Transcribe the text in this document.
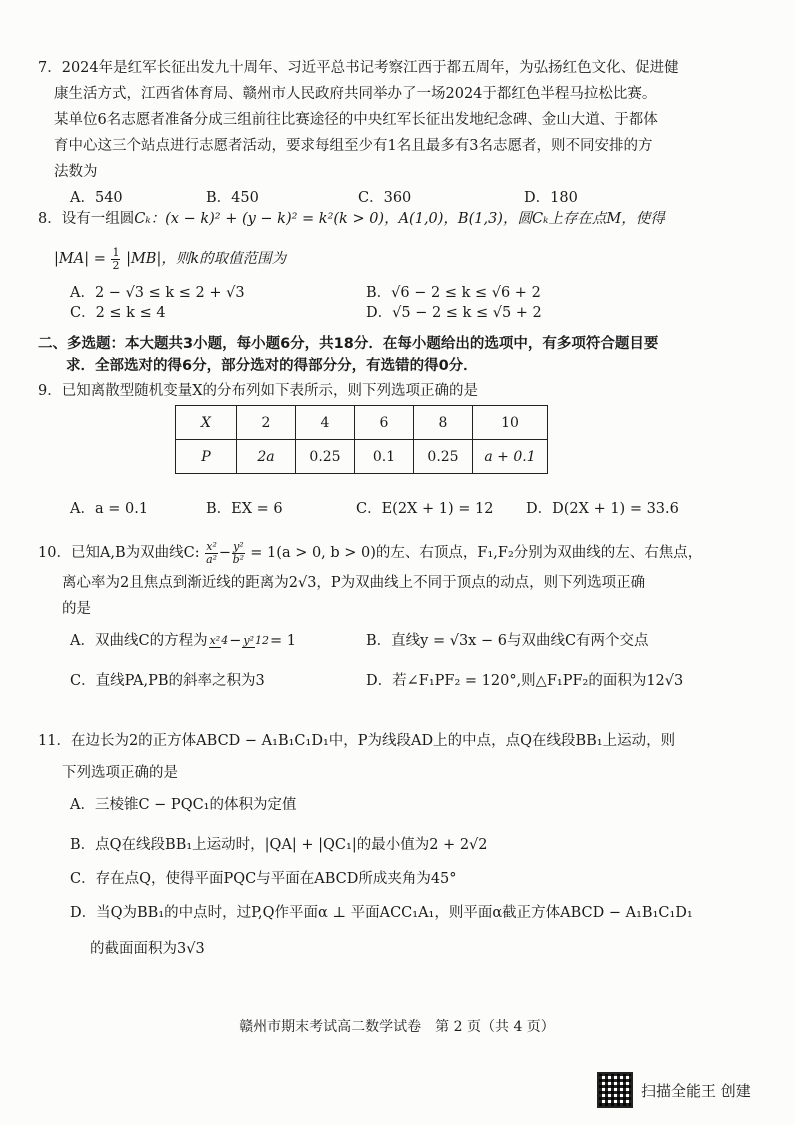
7．2024年是红军长征出发九十周年、习近平总书记考察江西于都五周年，为弘扬红色文化、促进健

康生活方式，江西省体育局、赣州市人民政府共同举办了一场2024于都红色半程马拉松比赛。

某单位6名志愿者准备分成三组前往比赛途径的中央红军长征出发地纪念碑、金山大道、于都体

育中心这三个站点进行志愿者活动，要求每组至少有1名且最多有3名志愿者，则不同安排的方

法数为

A．540	B．450	C．360	D．180

8．设有一组圆Cₖ：(x − k)² + (y − k)² = k²(k > 0)，A(1,0)，B(1,3)，圆Cₖ上存在点M，使得

$|MA| = \frac{1}{2} |MB|$，则k的取值范围为

A．2 − √3 ≤ k ≤ 2 + √3	B．√6 − 2 ≤ k ≤ √6 + 2
C．2 ≤ k ≤ 4	D．√5 − 2 ≤ k ≤ √5 + 2
二、多选题：本大题共3小题，每小题6分，共18分．在每小题给出的选项中，有多项符合题目要
求．全部选对的得6分，部分选对的得部分分，有选错的得0分．

9．已知离散型随机变量X的分布列如下表所示，则下列选项正确的是

X	2	4	6	8	10
P	2a	0.25	0.1	0.25	a + 0.1
A．a = 0.1	B．EX = 6	C．E(2X + 1) = 12	D．D(2X + 1) = 33.6

10．已知A,B为双曲线C: $\frac{\text{x²}}{\text{a²}} - \frac{\text{y²}}{\text{b²}} = 1(a > 0$, b > 0)的左、右顶点，F₁,F₂分别为双曲线的左、右焦点，

离心率为2且焦点到渐近线的距离为2√3，P为双曲线上不同于顶点的动点，则下列选项正确

的是

A．双曲线C的方程为 x²4− y²12= 1	B．直线y = √3x − 6与双曲线C有两个交点
C．直线PA,PB的斜率之积为3	D．若∠F₁PF₂ = 120°,则△F₁PF₂的面积为12√3

11．在边长为2的正方体ABCD − A₁B₁C₁D₁中，P为线段AD上的中点，点Q在线段BB₁上运动，则

下列选项正确的是

A．三棱锥C − PQC₁的体积为定值

B．点Q在线段BB₁上运动时，|QA| + |QC₁|的最小值为2 + 2√2

C．存在点Q，使得平面PQC与平面在ABCD所成夹角为45°

D．当Q为BB₁的中点时，过P,Q作平面α ⊥ 平面ACC₁A₁，则平面α截正方体ABCD − A₁B₁C₁D₁

的截面面积为3√3

赣州市期末考试高二数学试卷　第 2 页（共 4 页）
扫描全能王 创建
